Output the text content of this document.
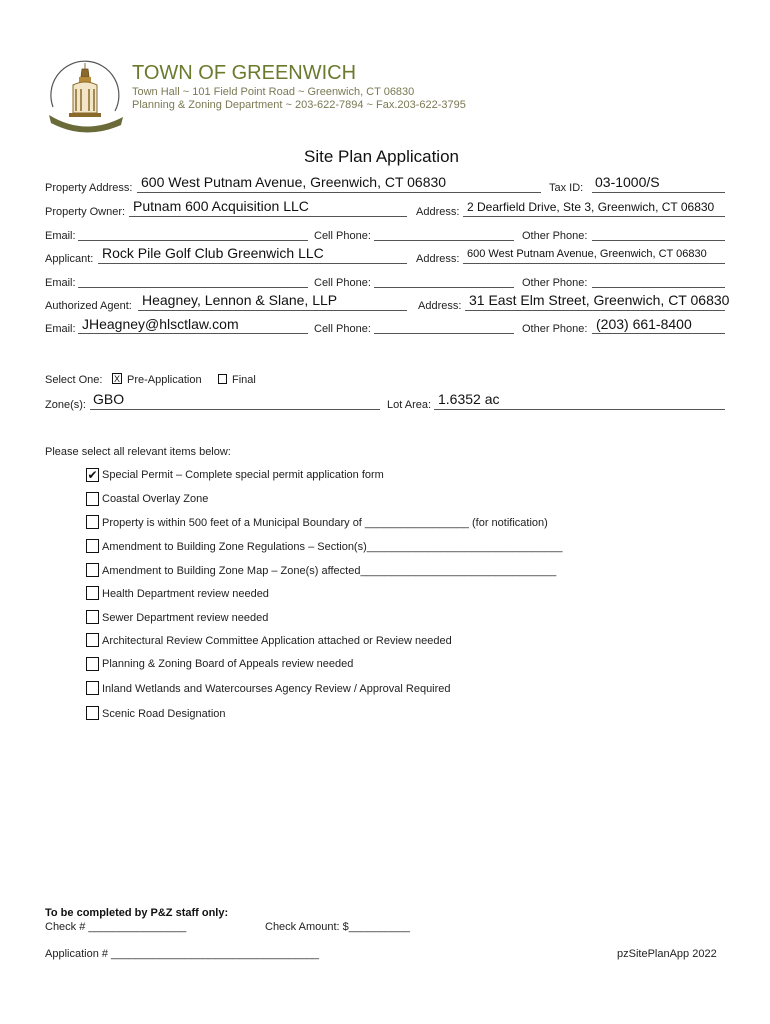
TOWN OF GREENWICH
Town Hall ~ 101 Field Point Road ~ Greenwich, CT 06830
Planning & Zoning Department ~ 203-622-7894 ~ Fax.203-622-3795
Site Plan Application
Property Address: 600 West Putnam Avenue, Greenwich, CT 06830	Tax ID: 03-1000/S
Property Owner: Putnam 600 Acquisition LLC	Address: 2 Dearfield Drive, Ste 3, Greenwich, CT 06830
Email:	Cell Phone:	Other Phone:
Applicant: Rock Pile Golf Club Greenwich LLC	Address: 600 West Putnam Avenue, Greenwich, CT 06830
Email:	Cell Phone:	Other Phone:
Authorized Agent: Heagney, Lennon & Slane, LLP	Address: 31 East Elm Street, Greenwich, CT 06830
Email: JHeagney@hlsctlaw.com	Cell Phone:	Other Phone: (203) 661-8400
Select One: X Pre-Application	Final
Zone(s): GBO	Lot Area: 1.6352 ac
Please select all relevant items below:
✔ Special Permit – Complete special permit application form
Coastal Overlay Zone
Property is within 500 feet of a Municipal Boundary of _________________ (for notification)
Amendment to Building Zone Regulations – Section(s)________________________________
Amendment to Building Zone Map – Zone(s) affected________________________________
Health Department review needed
Sewer Department review needed
Architectural Review Committee Application attached or Review needed
Planning & Zoning Board of Appeals review needed
Inland Wetlands and Watercourses Agency Review / Approval Required
Scenic Road Designation
To be completed by P&Z staff only:
Check # ________________	Check Amount: $__________
Application # __________________________________	pzSitePlanApp 2022
